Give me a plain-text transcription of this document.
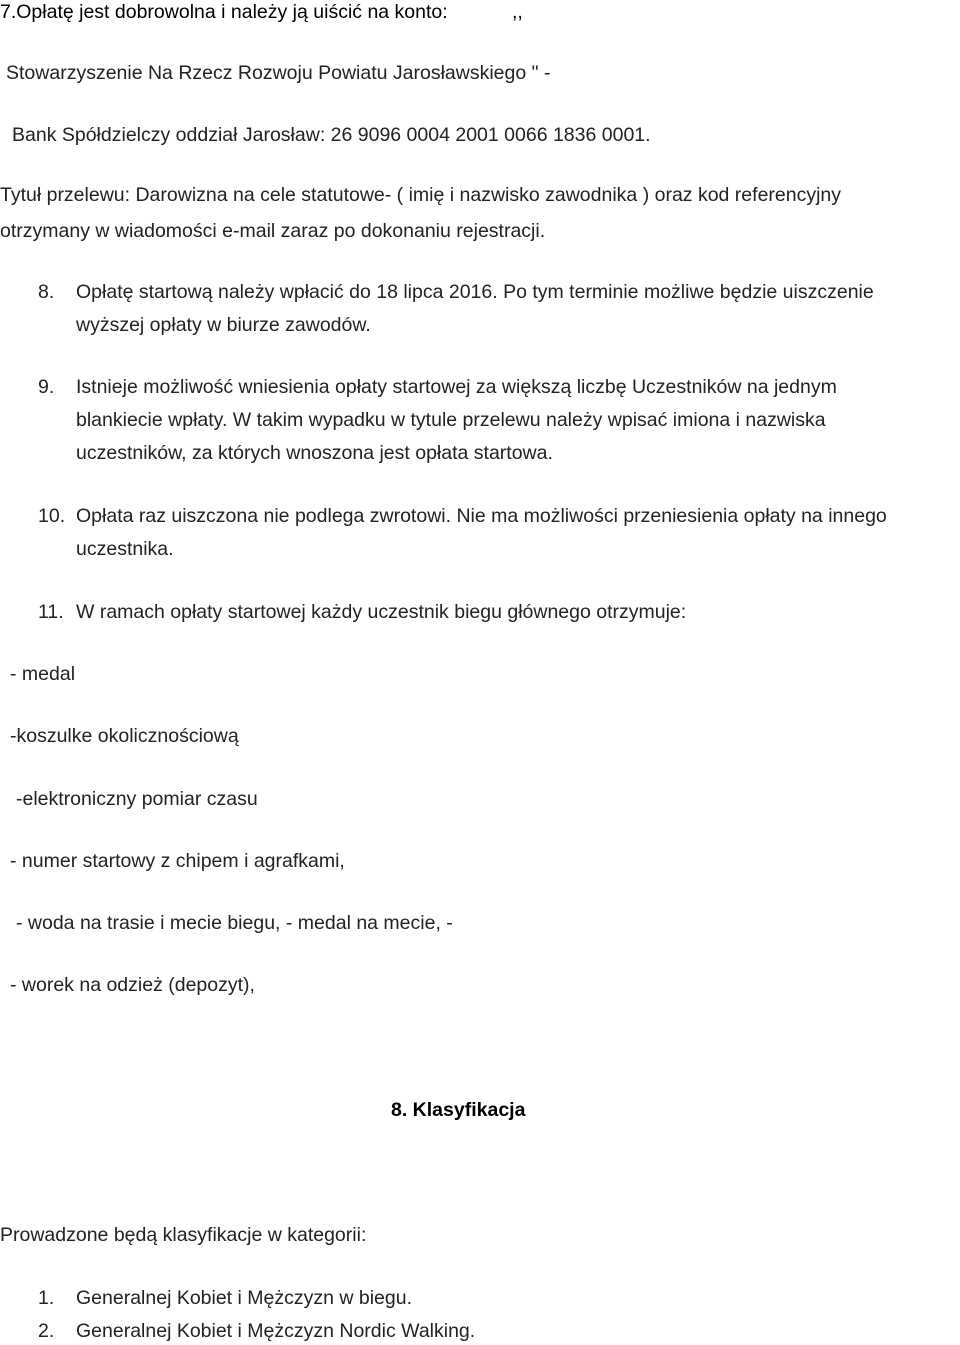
7.Opłatę jest dobrowolna i należy ją uiścić na konto:	,,
Stowarzyszenie Na Rzecz Rozwoju Powiatu Jarosławskiego " -
Bank Spółdzielczy oddział Jarosław: 26 9096 0004 2001 0066 1836 0001.
Tytuł przelewu: Darowizna na cele statutowe- ( imię i nazwisko zawodnika ) oraz kod referencyjny
otrzymany w wiadomości e-mail zaraz po dokonaniu rejestracji.
8. Opłatę startową należy wpłacić do 18 lipca 2016. Po tym terminie możliwe będzie uiszczenie
wyższej opłaty w biurze zawodów.
9. Istnieje możliwość wniesienia opłaty startowej za większą liczbę Uczestników na jednym
blankiecie wpłaty. W takim wypadku w tytule przelewu należy wpisać imiona i nazwiska
uczestników, za których wnoszona jest opłata startowa.
10. Opłata raz uiszczona nie podlega zwrotowi. Nie ma możliwości przeniesienia opłaty na innego
uczestnika.
11. W ramach opłaty startowej każdy uczestnik biegu głównego otrzymuje:
- medal
-koszulke okolicznościową
-elektroniczny pomiar czasu
- numer startowy z chipem i agrafkami,
- woda na trasie i mecie biegu, - medal na mecie, -
- worek na odzież (depozyt),
8. Klasyfikacja
Prowadzone będą klasyfikacje w kategorii:
1. Generalnej Kobiet i Mężczyzn w biegu.
2. Generalnej Kobiet i Mężczyzn Nordic Walking.
